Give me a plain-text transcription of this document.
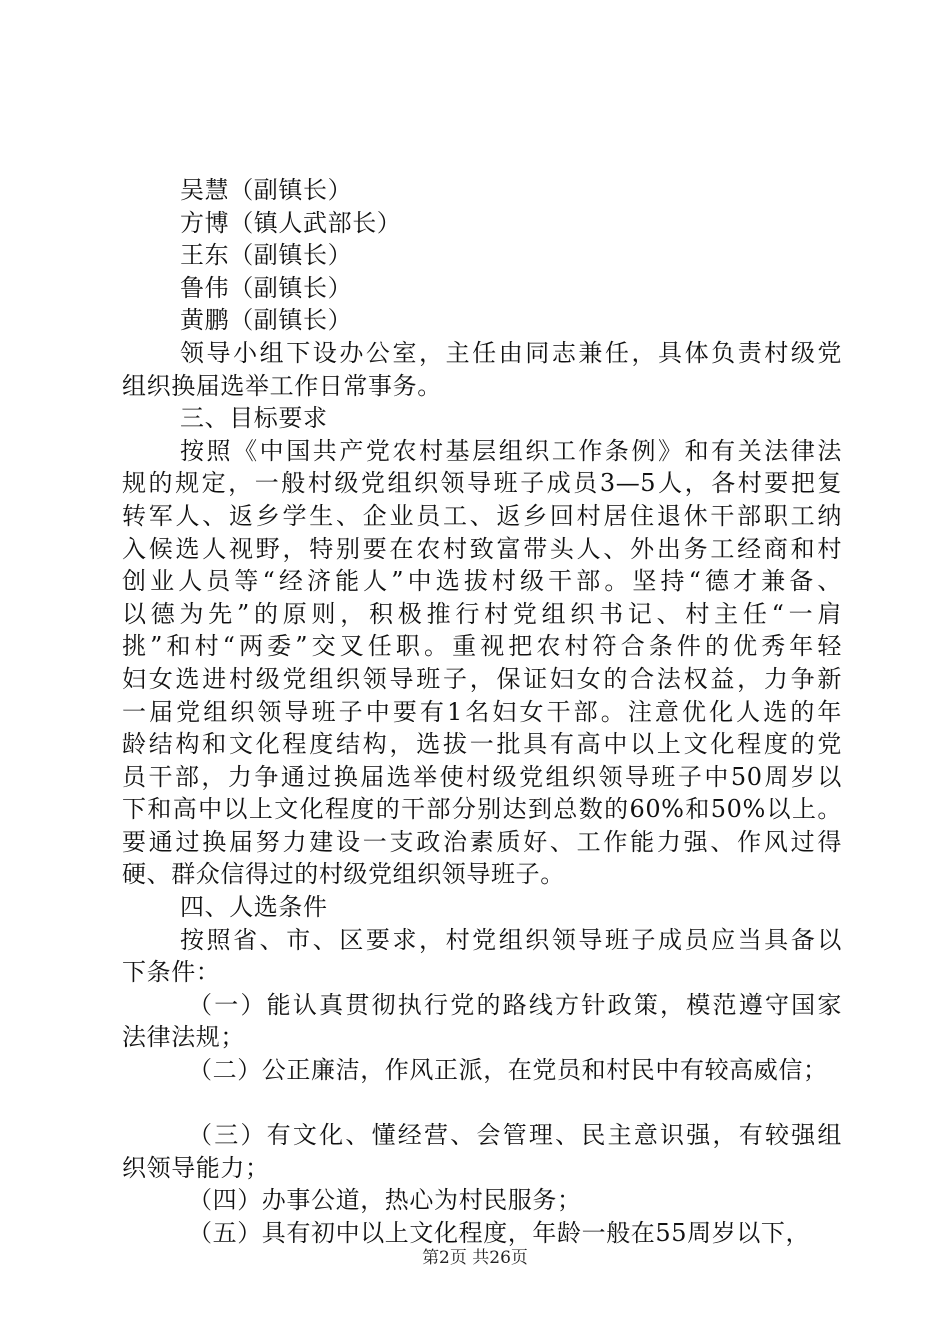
吴慧（副镇长）
方博（镇人武部长）
王东（副镇长）
鲁伟（副镇长）
黄鹏（副镇长）
领导小组下设办公室，主任由同志兼任，具体负责村级党
组织换届选举工作日常事务。
三、目标要求
按照《中国共产党农村基层组织工作条例》和有关法律法
规的规定，一般村级党组织领导班子成员3—5人，各村要把复
转军人、返乡学生、企业员工、返乡回村居住退休干部职工纳
入候选人视野，特别要在农村致富带头人、外出务工经商和村
创业人员等“经济能人”中选拔村级干部。坚持“德才兼备、
以德为先”的原则，积极推行村党组织书记、村主任“一肩
挑”和村“两委”交叉任职。重视把农村符合条件的优秀年轻
妇女选进村级党组织领导班子，保证妇女的合法权益，力争新
一届党组织领导班子中要有1名妇女干部。注意优化人选的年
龄结构和文化程度结构，选拔一批具有高中以上文化程度的党
员干部，力争通过换届选举使村级党组织领导班子中50周岁以
下和高中以上文化程度的干部分别达到总数的60%和50%以上。
要通过换届努力建设一支政治素质好、工作能力强、作风过得
硬、群众信得过的村级党组织领导班子。
四、人选条件
按照省、市、区要求，村党组织领导班子成员应当具备以
下条件：
（一）能认真贯彻执行党的路线方针政策，模范遵守国家
法律法规；
（二）公正廉洁，作风正派，在党员和村民中有较高威信；
（三）有文化、懂经营、会管理、民主意识强，有较强组
织领导能力；
（四）办事公道，热心为村民服务；
（五）具有初中以上文化程度，年龄一般在55周岁以下，
第2页 共26页
